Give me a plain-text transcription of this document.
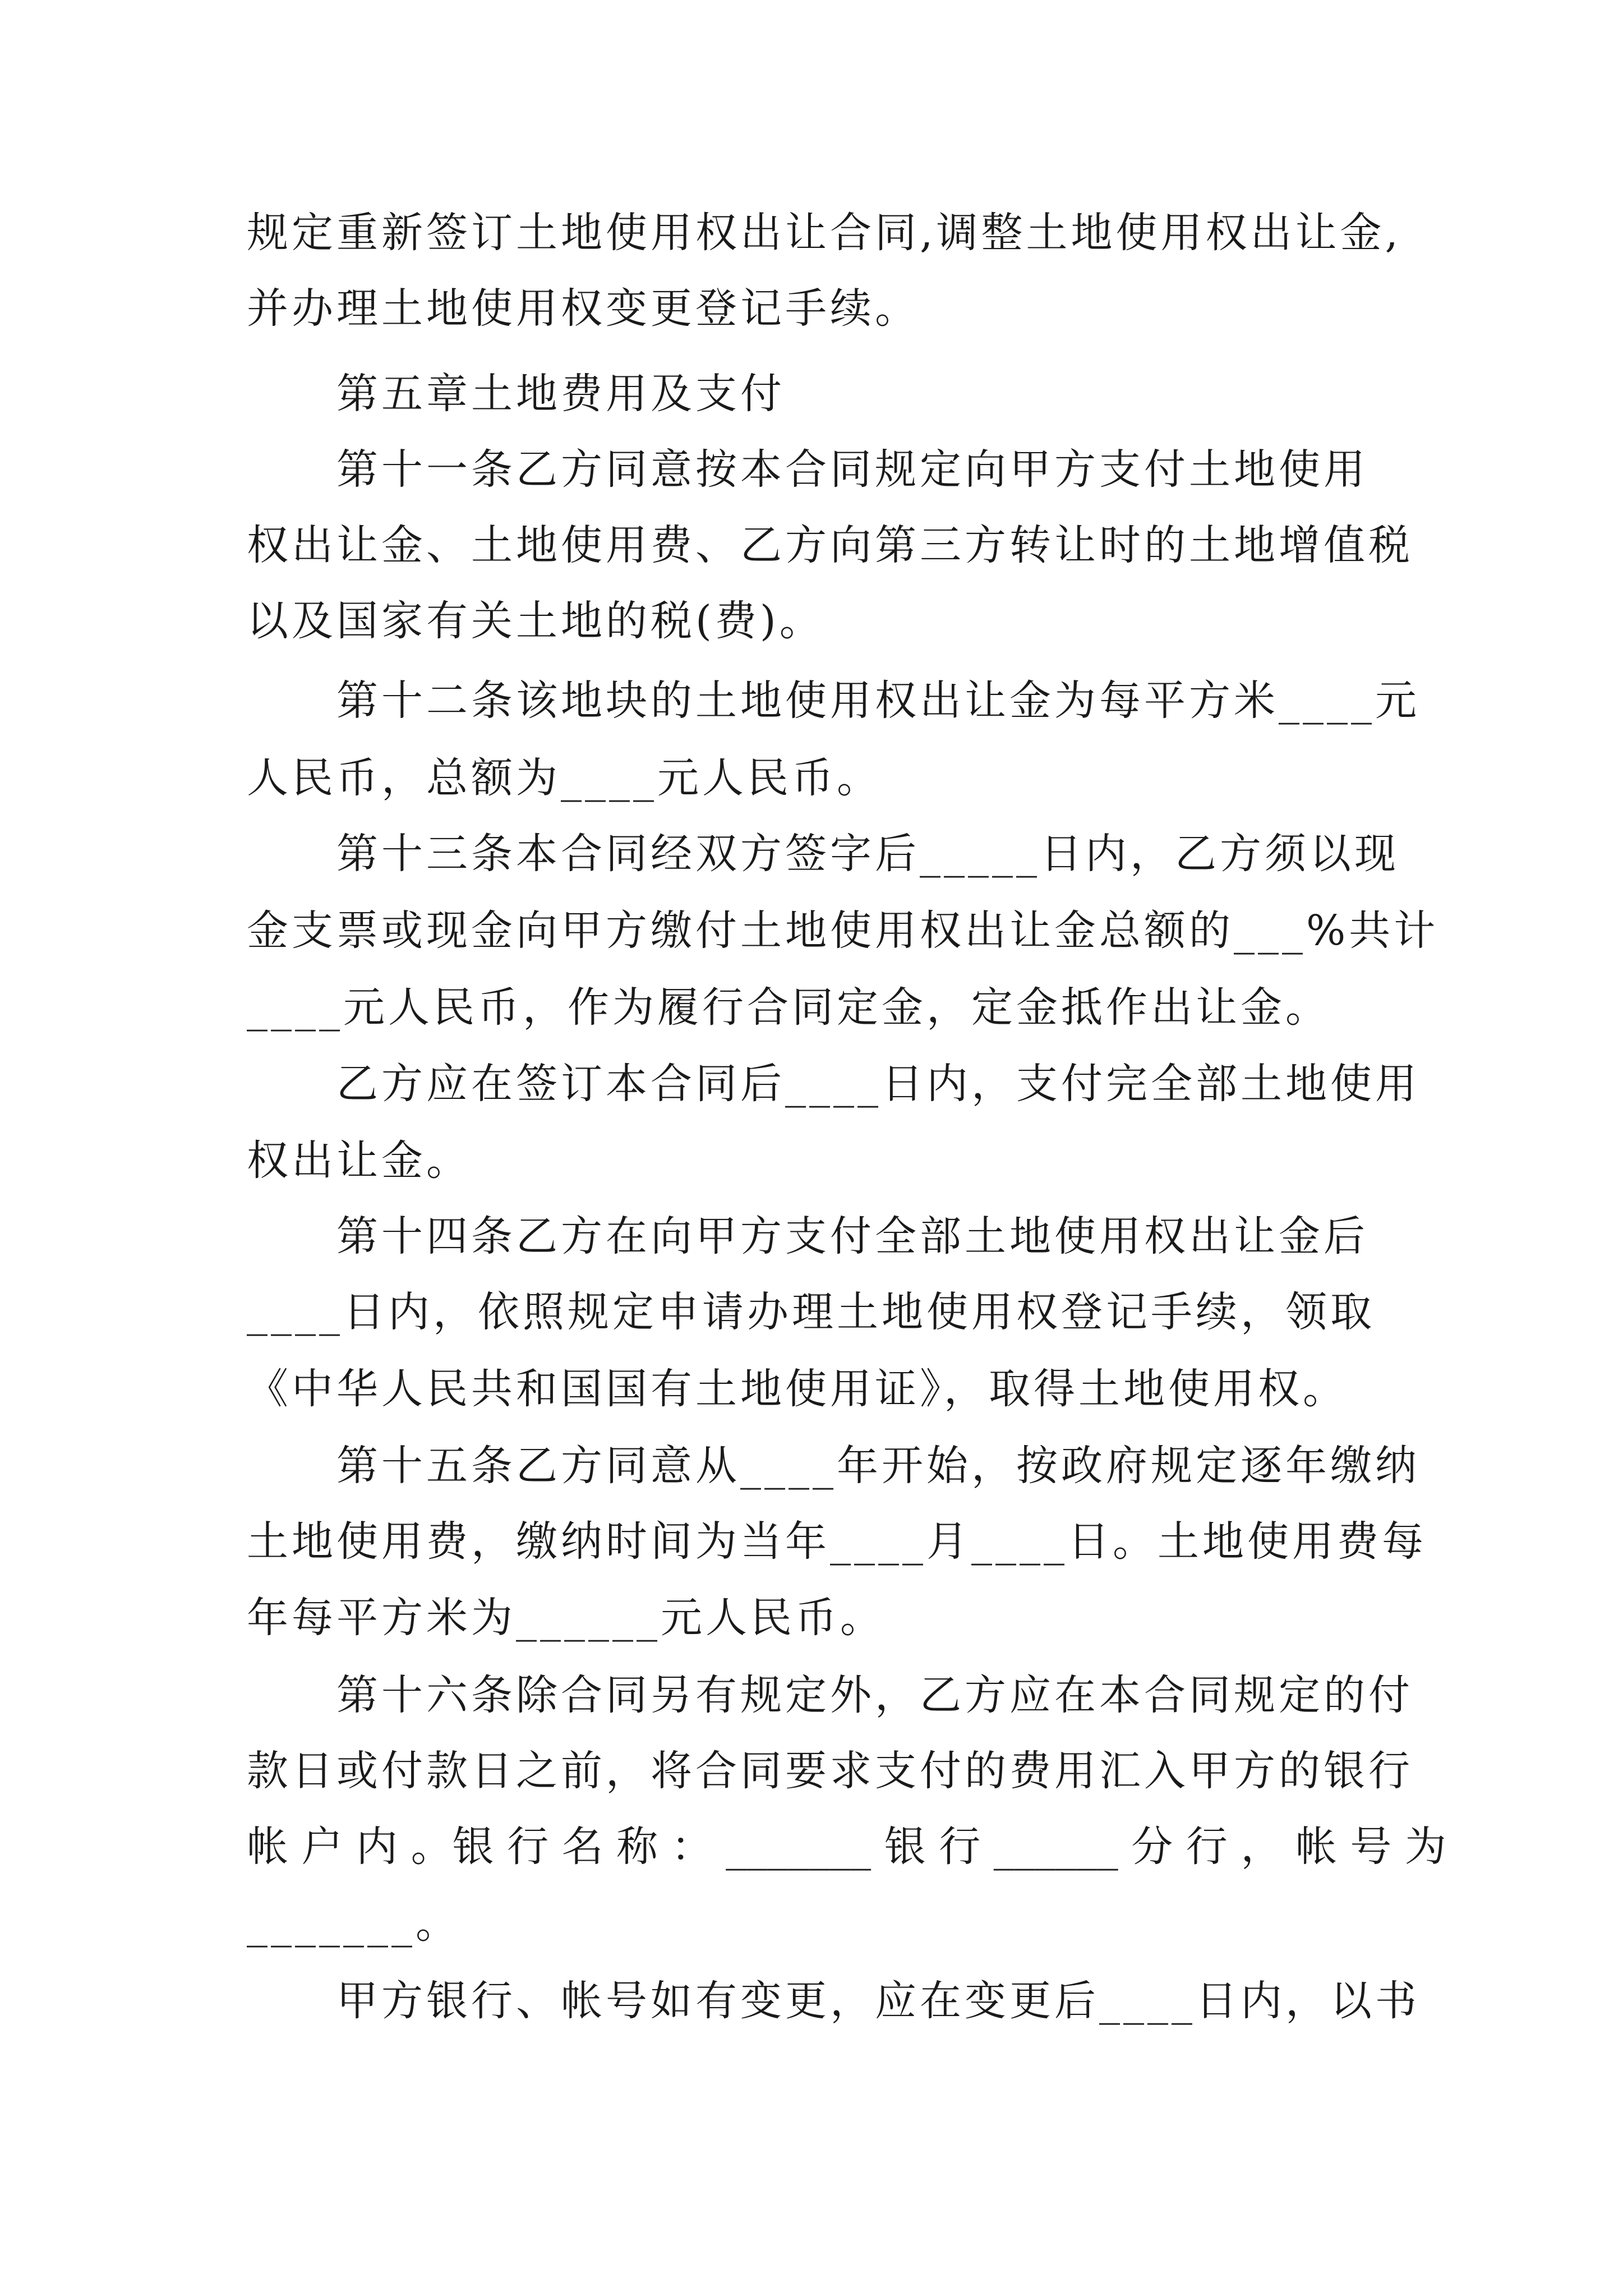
规定重新签订土地使用权出让合同,调整土地使用权出让金,
并办理土地使用权变更登记手续。
第五章土地费用及支付
第十一条乙方同意按本合同规定向甲方支付土地使用
权出让金、土地使用费、乙方向第三方转让时的土地增值税
以及国家有关土地的税(费)。
第十二条该地块的土地使用权出让金为每平方米____元
人民币，总额为____元人民币。
第十三条本合同经双方签字后_____日内，乙方须以现
金支票或现金向甲方缴付土地使用权出让金总额的___%共计
____元人民币，作为履行合同定金，定金抵作出让金。
乙方应在签订本合同后____日内，支付完全部土地使用
权出让金。
第十四条乙方在向甲方支付全部土地使用权出让金后
____日内，依照规定申请办理土地使用权登记手续，领取
《中华人民共和国国有土地使用证》，取得土地使用权。
第十五条乙方同意从____年开始，按政府规定逐年缴纳
土地使用费，缴纳时间为当年____月____日。土地使用费每
年每平方米为______元人民币。
第十六条除合同另有规定外，乙方应在本合同规定的付
款日或付款日之前，将合同要求支付的费用汇入甲方的银行
帐 户 内 。银 行 名 称 ： _______ 银 行 ______ 分 行 ， 帐 号 为
_______。
甲方银行、帐号如有变更，应在变更后____日内，以书
